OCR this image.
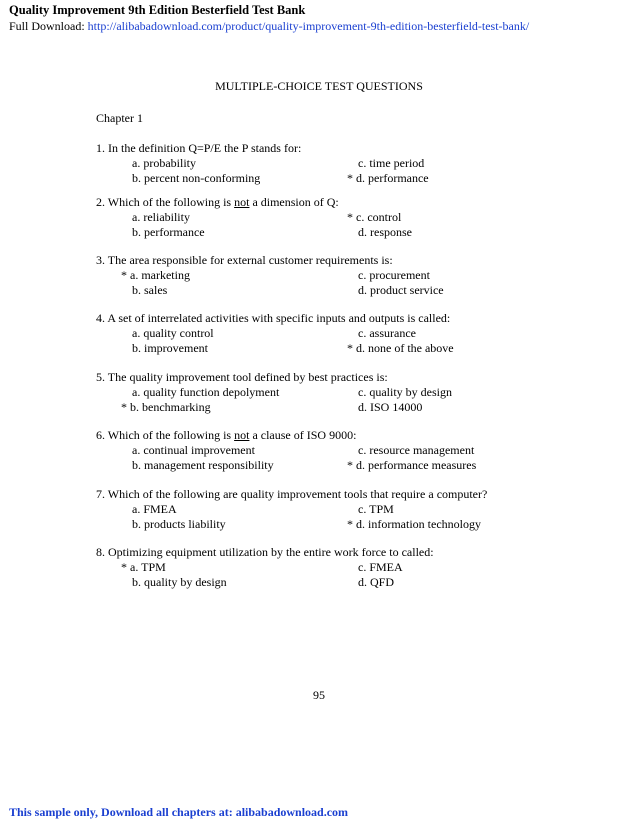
Quality Improvement 9th Edition Besterfield Test Bank
Full Download: http://alibabadownload.com/product/quality-improvement-9th-edition-besterfield-test-bank/
MULTIPLE-CHOICE TEST QUESTIONS
Chapter 1
1. In the definition Q=P/E the P stands for:
a. probability
b. percent non-conforming
c. time period
* d. performance
2. Which of the following is not a dimension of Q:
a. reliability
b. performance
* c. control
d. response
3. The area responsible for external customer requirements is:
* a. marketing
b. sales
c. procurement
d. product service
4. A set of interrelated activities with specific inputs and outputs is called:
a. quality control
b. improvement
c. assurance
* d. none of the above
5. The quality improvement tool defined by best practices is:
a. quality function depolyment
* b. benchmarking
c. quality by design
d. ISO 14000
6. Which of the following is not a clause of ISO 9000:
a. continual improvement
b. management responsibility
c. resource management
* d. performance measures
7. Which of the following are quality improvement tools that require a computer?
a. FMEA
b. products liability
c. TPM
* d. information technology
8. Optimizing equipment utilization by the entire work force to called:
* a. TPM
b. quality by design
c. FMEA
d. QFD
95
This sample only, Download all chapters at: alibabadownload.com
